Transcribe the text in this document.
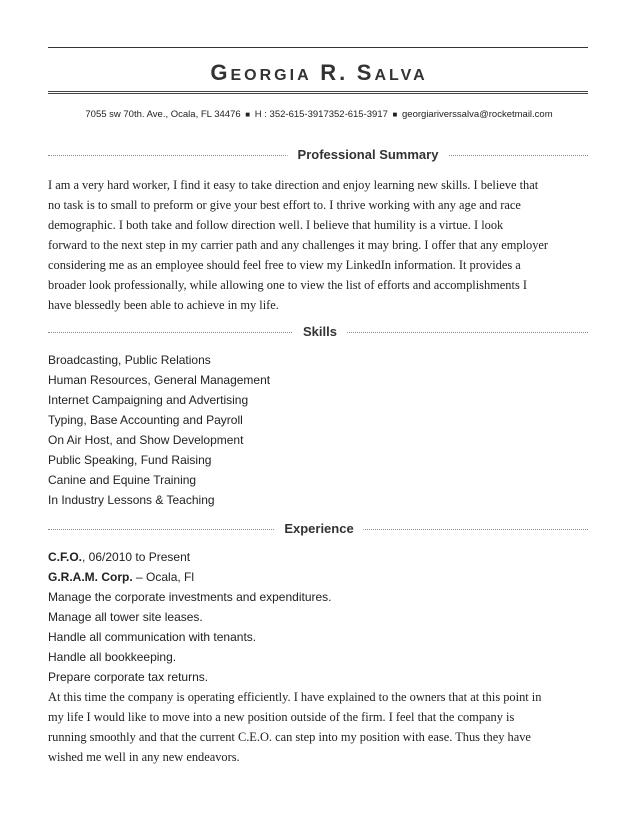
GEORGIA R. SALVA
7055 sw 70th. Ave., Ocala, FL 34476 ■ H : 352-615-3917352-615-3917 ■ georgiariverssalva@rocketmail.com
Professional Summary
I am a very hard worker, I find it easy to take direction and enjoy learning new skills. I believe that
no task is to small to preform or give your best effort to. I thrive working with any age and race
demographic. I both take and follow direction well. I believe that humility is a virtue. I look
forward to the next step in my carrier path and any challenges it may bring. I offer that any employer
considering me as an employee should feel free to view my LinkedIn information. It provides a
broader look professionally, while allowing one to view the list of efforts and accomplishments I
have blessedly been able to achieve in my life.
Skills
Broadcasting, Public Relations
Human Resources, General Management
Internet Campaigning and Advertising
Typing, Base Accounting and Payroll
On Air Host, and Show Development
Public Speaking, Fund Raising
Canine and Equine Training
In Industry Lessons & Teaching
Experience
C.F.O., 06/2010 to Present
G.R.A.M. Corp. – Ocala, Fl
Manage the corporate investments and expenditures.
Manage all tower site leases.
Handle all communication with tenants.
Handle all bookkeeping.
Prepare corporate tax returns.
At this time the company is operating efficiently. I have explained to the owners that at this point in
my life I would like to move into a new position outside of the firm. I feel that the company is
running smoothly and that the current C.E.O. can step into my position with ease. Thus they have
wished me well in any new endeavors.
